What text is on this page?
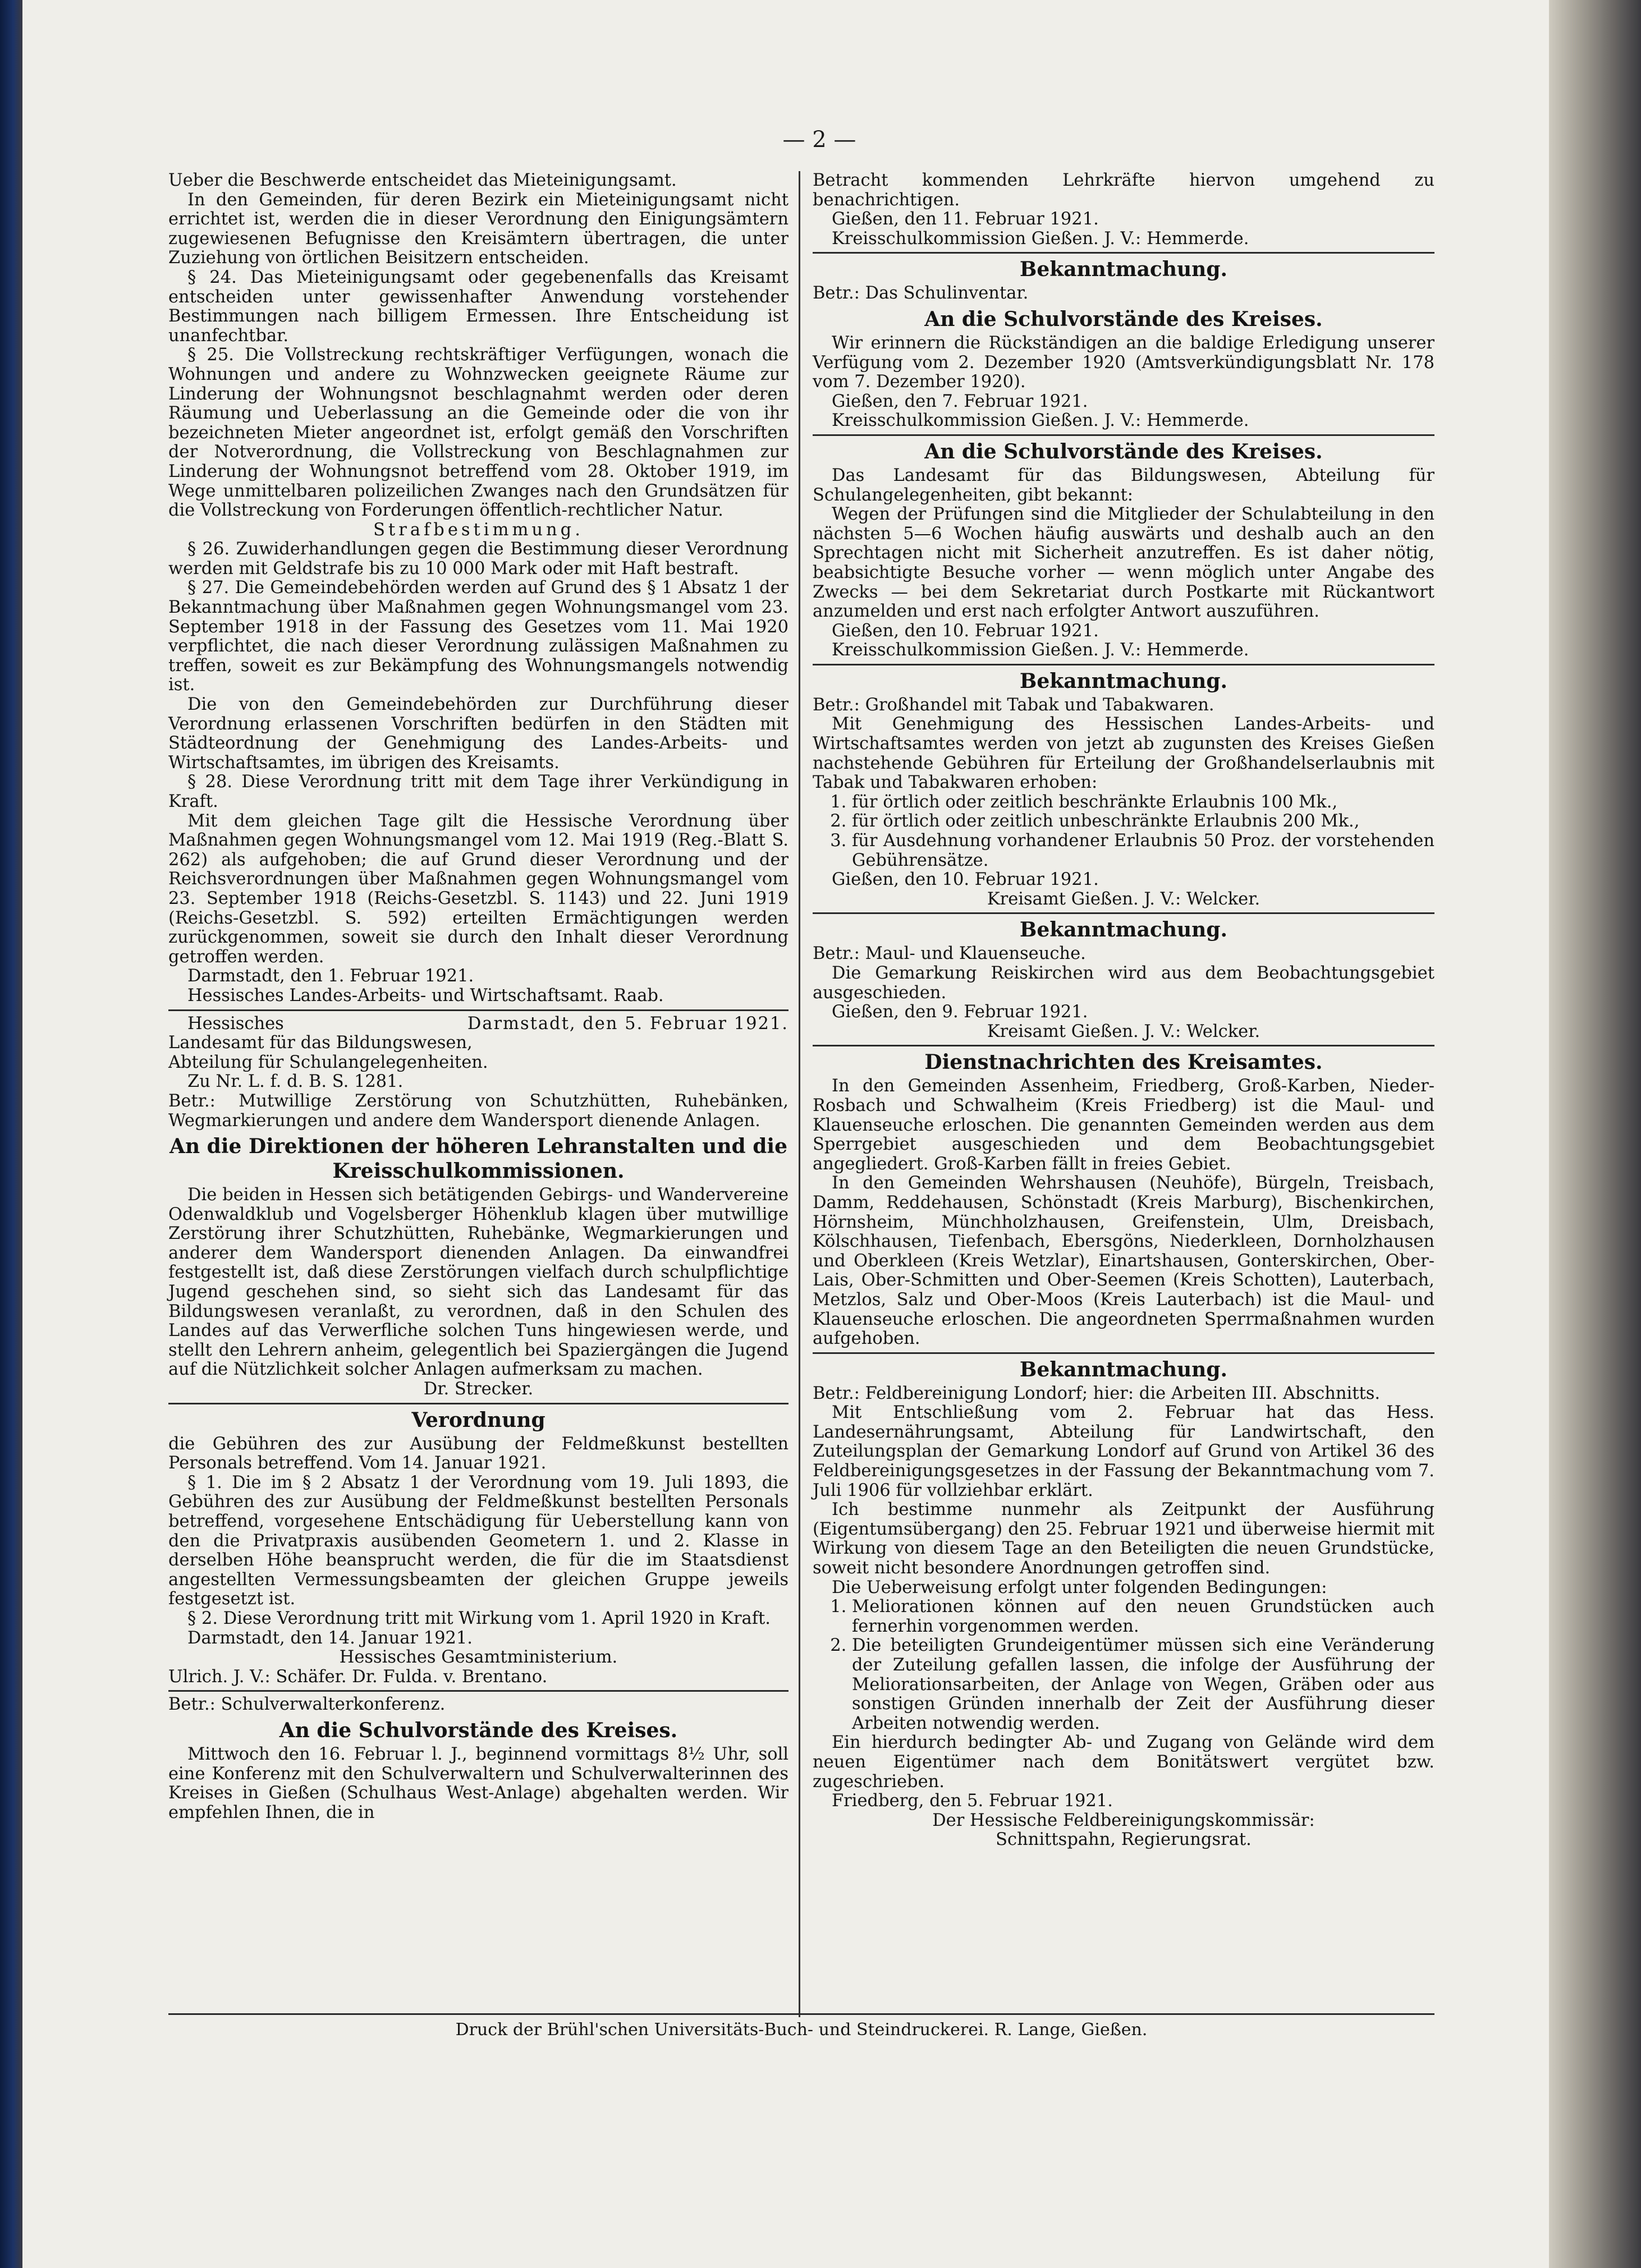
— 2 —

Ueber die Beschwerde entscheidet das Mieteinigungsamt.

In den Gemeinden, für deren Bezirk ein Mieteinigungsamt nicht errichtet ist, werden die in dieser Verordnung den Einigungsämtern zugewiesenen Befugnisse den Kreisämtern übertragen, die unter Zuziehung von örtlichen Beisitzern entscheiden.

§ 24. Das Mieteinigungsamt oder gegebenenfalls das Kreisamt entscheiden unter gewissenhafter Anwendung vorstehender Bestimmungen nach billigem Ermessen. Ihre Entscheidung ist unanfechtbar.

§ 25. Die Vollstreckung rechtskräftiger Verfügungen, wonach die Wohnungen und andere zu Wohnzwecken geeignete Räume zur Linderung der Wohnungsnot beschlagnahmt werden oder deren Räumung und Ueberlassung an die Gemeinde oder die von ihr bezeichneten Mieter angeordnet ist, erfolgt gemäß den Vorschriften der Notverordnung, die Vollstreckung von Beschlagnahmen zur Linderung der Wohnungsnot betreffend vom 28. Oktober 1919, im Wege unmittelbaren polizeilichen Zwanges nach den Grundsätzen für die Vollstreckung von Forderungen öffentlich-rechtlicher Natur.

Strafbestimmung.

§ 26. Zuwiderhandlungen gegen die Bestimmung dieser Verordnung werden mit Geldstrafe bis zu 10 000 Mark oder mit Haft bestraft.

§ 27. Die Gemeindebehörden werden auf Grund des § 1 Absatz 1 der Bekanntmachung über Maßnahmen gegen Wohnungsmangel vom 23. September 1918 in der Fassung des Gesetzes vom 11. Mai 1920 verpflichtet, die nach dieser Verordnung zulässigen Maßnahmen zu treffen, soweit es zur Bekämpfung des Wohnungsmangels notwendig ist.

Die von den Gemeindebehörden zur Durchführung dieser Verordnung erlassenen Vorschriften bedürfen in den Städten mit Städteordnung der Genehmigung des Landes-Arbeits- und Wirtschaftsamtes, im übrigen des Kreisamts.

§ 28. Diese Verordnung tritt mit dem Tage ihrer Verkündigung in Kraft.

Mit dem gleichen Tage gilt die Hessische Verordnung über Maßnahmen gegen Wohnungsmangel vom 12. Mai 1919 (Reg.-Blatt S. 262) als aufgehoben; die auf Grund dieser Verordnung und der Reichsverordnungen über Maßnahmen gegen Wohnungsmangel vom 23. September 1918 (Reichs-Gesetzbl. S. 1143) und 22. Juni 1919 (Reichs-Gesetzbl. S. 592) erteilten Ermächtigungen werden zurückgenommen, soweit sie durch den Inhalt dieser Verordnung getroffen werden.

Darmstadt, den 1. Februar 1921.

Hessisches Landes-Arbeits- und Wirtschaftsamt. Raab.

Hessisches	Darmstadt, den 5. Februar 1921.

Landesamt für das Bildungswesen,

Abteilung für Schulangelegenheiten.

Zu Nr. L. f. d. B. S. 1281.

Betr.: Mutwillige Zerstörung von Schutzhütten, Ruhebänken, Wegmarkierungen und andere dem Wandersport dienende Anlagen.

An die Direktionen der höheren Lehranstalten und die Kreisschulkommissionen.

Die beiden in Hessen sich betätigenden Gebirgs- und Wandervereine Odenwaldklub und Vogelsberger Höhenklub klagen über mutwillige Zerstörung ihrer Schutzhütten, Ruhebänke, Wegmarkierungen und anderer dem Wandersport dienenden Anlagen. Da einwandfrei festgestellt ist, daß diese Zerstörungen vielfach durch schulpflichtige Jugend geschehen sind, so sieht sich das Landesamt für das Bildungswesen veranlaßt, zu verordnen, daß in den Schulen des Landes auf das Verwerfliche solchen Tuns hingewiesen werde, und stellt den Lehrern anheim, gelegentlich bei Spaziergängen die Jugend auf die Nützlichkeit solcher Anlagen aufmerksam zu machen.

Dr. Strecker.

Verordnung

die Gebühren des zur Ausübung der Feldmeßkunst bestellten Personals betreffend. Vom 14. Januar 1921.

§ 1. Die im § 2 Absatz 1 der Verordnung vom 19. Juli 1893, die Gebühren des zur Ausübung der Feldmeßkunst bestellten Personals betreffend, vorgesehene Entschädigung für Ueberstellung kann von den die Privatpraxis ausübenden Geometern 1. und 2. Klasse in derselben Höhe beansprucht werden, die für die im Staatsdienst angestellten Vermessungsbeamten der gleichen Gruppe jeweils festgesetzt ist.

§ 2. Diese Verordnung tritt mit Wirkung vom 1. April 1920 in Kraft.

Darmstadt, den 14. Januar 1921.

Hessisches Gesamtministerium.

Ulrich. J. V.: Schäfer. Dr. Fulda. v. Brentano.

Betr.: Schulverwalterkonferenz.

An die Schulvorstände des Kreises.

Mittwoch den 16. Februar l. J., beginnend vormittags 8½ Uhr, soll eine Konferenz mit den Schulverwaltern und Schulverwalterinnen des Kreises in Gießen (Schulhaus West-Anlage) abgehalten werden. Wir empfehlen Ihnen, die in

Betracht kommenden Lehrkräfte hiervon umgehend zu benachrichtigen.

Gießen, den 11. Februar 1921.

Kreisschulkommission Gießen. J. V.: Hemmerde.

Bekanntmachung.

Betr.: Das Schulinventar.

An die Schulvorstände des Kreises.

Wir erinnern die Rückständigen an die baldige Erledigung unserer Verfügung vom 2. Dezember 1920 (Amtsverkündigungsblatt Nr. 178 vom 7. Dezember 1920).

Gießen, den 7. Februar 1921.

Kreisschulkommission Gießen. J. V.: Hemmerde.

An die Schulvorstände des Kreises.

Das Landesamt für das Bildungswesen, Abteilung für Schulangelegenheiten, gibt bekannt:

Wegen der Prüfungen sind die Mitglieder der Schulabteilung in den nächsten 5—6 Wochen häufig auswärts und deshalb auch an den Sprechtagen nicht mit Sicherheit anzutreffen. Es ist daher nötig, beabsichtigte Besuche vorher — wenn möglich unter Angabe des Zwecks — bei dem Sekretariat durch Postkarte mit Rückantwort anzumelden und erst nach erfolgter Antwort auszuführen.

Gießen, den 10. Februar 1921.

Kreisschulkommission Gießen. J. V.: Hemmerde.

Bekanntmachung.

Betr.: Großhandel mit Tabak und Tabakwaren.

Mit Genehmigung des Hessischen Landes-Arbeits- und Wirtschaftsamtes werden von jetzt ab zugunsten des Kreises Gießen nachstehende Gebühren für Erteilung der Großhandelserlaubnis mit Tabak und Tabakwaren erhoben:

1. für örtlich oder zeitlich beschränkte Erlaubnis 100 Mk.,
2. für örtlich oder zeitlich unbeschränkte Erlaubnis 200 Mk.,
3. für Ausdehnung vorhandener Erlaubnis 50 Proz. der vorstehenden Gebührensätze.

Gießen, den 10. Februar 1921.

Kreisamt Gießen. J. V.: Welcker.

Bekanntmachung.

Betr.: Maul- und Klauenseuche.

Die Gemarkung Reiskirchen wird aus dem Beobachtungsgebiet ausgeschieden.

Gießen, den 9. Februar 1921.

Kreisamt Gießen. J. V.: Welcker.

Dienstnachrichten des Kreisamtes.

In den Gemeinden Assenheim, Friedberg, Groß-Karben, Nieder-Rosbach und Schwalheim (Kreis Friedberg) ist die Maul- und Klauenseuche erloschen. Die genannten Gemeinden werden aus dem Sperrgebiet ausgeschieden und dem Beobachtungsgebiet angegliedert. Groß-Karben fällt in freies Gebiet.

In den Gemeinden Wehrshausen (Neuhöfe), Bürgeln, Treisbach, Damm, Reddehausen, Schönstadt (Kreis Marburg), Bischenkirchen, Hörnsheim, Münchholzhausen, Greifenstein, Ulm, Dreisbach, Kölschhausen, Tiefenbach, Ebersgöns, Niederkleen, Dornholzhausen und Oberkleen (Kreis Wetzlar), Einartshausen, Gonterskirchen, Ober-Lais, Ober-Schmitten und Ober-Seemen (Kreis Schotten), Lauterbach, Metzlos, Salz und Ober-Moos (Kreis Lauterbach) ist die Maul- und Klauenseuche erloschen. Die angeordneten Sperrmaßnahmen wurden aufgehoben.

Bekanntmachung.

Betr.: Feldbereinigung Londorf; hier: die Arbeiten III. Abschnitts.

Mit Entschließung vom 2. Februar hat das Hess. Landesernährungsamt, Abteilung für Landwirtschaft, den Zuteilungsplan der Gemarkung Londorf auf Grund von Artikel 36 des Feldbereinigungsgesetzes in der Fassung der Bekanntmachung vom 7. Juli 1906 für vollziehbar erklärt.

Ich bestimme nunmehr als Zeitpunkt der Ausführung (Eigentumsübergang) den 25. Februar 1921 und überweise hiermit mit Wirkung von diesem Tage an den Beteiligten die neuen Grundstücke, soweit nicht besondere Anordnungen getroffen sind.

Die Ueberweisung erfolgt unter folgenden Bedingungen:

1. Meliorationen können auf den neuen Grundstücken auch fernerhin vorgenommen werden.
2. Die beteiligten Grundeigentümer müssen sich eine Veränderung der Zuteilung gefallen lassen, die infolge der Ausführung der Meliorationsarbeiten, der Anlage von Wegen, Gräben oder aus sonstigen Gründen innerhalb der Zeit der Ausführung dieser Arbeiten notwendig werden.

Ein hierdurch bedingter Ab- und Zugang von Gelände wird dem neuen Eigentümer nach dem Bonitätswert vergütet bzw. zugeschrieben.

Friedberg, den 5. Februar 1921.

Der Hessische Feldbereinigungskommissär:

Schnittspahn, Regierungsrat.

Druck der Brühl'schen Universitäts-Buch- und Steindruckerei. R. Lange, Gießen.
